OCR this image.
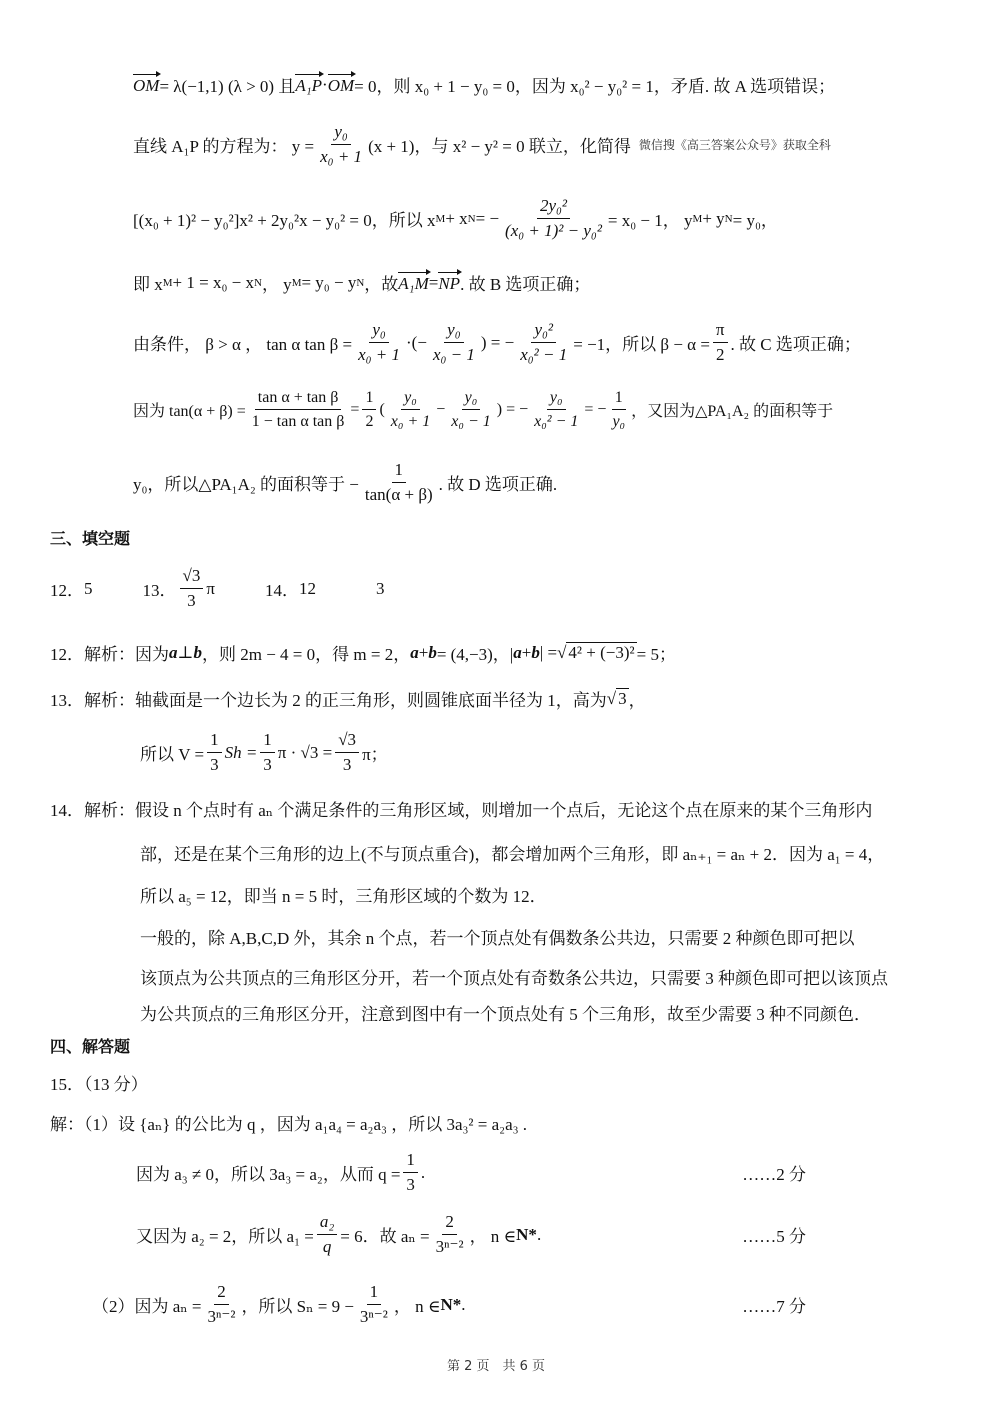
OM = λ(−1,1) (λ > 0) 且 A₁P · OM = 0，则 x₀ + 1 − y₀ = 0，因为 x₀² − y₀² = 1，矛盾. 故 A 选项错误；
直线 A₁P 的方程为： $y = \frac{\text{y₀}}{\text{x₀ + 1}} (x + 1)$，与 x² − y² = 0 联立，化简得 微信搜《高三答案公众号》获取全科
[(x₀ + 1)² − y₀²]x² + 2y₀²x − y₀² = 0，所以 x M + x N = − $\frac{\text{2y₀²}}{\text{(x₀ + 1)² − y₀²}} = x_0 - 1$， y M + y N = y₀，
即 x M + 1 = x₀ − x N ， y M = y₀ − y N ，故 A₁M = NP . 故 B 选项正确；
由条件， β > α ， tan α $\tan \beta = \frac{\text{y₀}}{\text{x₀ + 1}}$ ·(− $\frac{\text{y₀}}{\text{x₀ − 1}}$ ) = − $\frac{\text{y₀²}}{\text{x₀² − 1}} = -1$，所以 $\beta - \alpha = \frac{\pi}{2}$ . 故 C 选项正确；
因为 $\tan(\alpha + \beta) = \frac{\text{tan α + tan β}}{\text{1 − tan α tan β}} = \frac{1}{2}$ ( $\frac{\text{y₀}}{\text{x₀ + 1}} - \frac{\text{y₀}}{\text{x₀ − 1}}$ ) = − $\frac{\text{y₀}}{\text{x₀² − 1}}$ = − $\frac{1}{\text{y₀}}$ ，又因为△PA₁A₂ 的面积等于
y₀，所以△PA₁A₂ 的面积等于 − $\frac{1}{\tan(\alpha + \beta)}$ . 故 D 选项正确.
三、填空题
12． 5	13． $\frac{√3}{3}$ π	14． 12	3
12．解析： 因为 a ⊥ b ，则 2m − 4 = 0，得 m = 2， a + b = (4,−3)，| a + b | = √ 4² + (−3)² = 5；
13．解析： 轴截面是一个边长为 2 的正三角形，则圆锥底面半径为 1，高为 √ 3 ，
所以 $V = \frac{1}{3}$ $Sh = \frac{1}{3}$ $\pi \cdot √3 = \frac{√3}{3}$ π；
14．解析： 假设 n 个点时有 aₙ 个满足条件的三角形区域，则增加一个点后，无论这个点在原来的某个三角形内
部，还是在某个三角形的边上(不与顶点重合)，都会增加两个三角形，即 aₙ₊₁ = aₙ + 2．因为 a₁ = 4，
所以 a₅ = 12，即当 n = 5 时，三角形区域的个数为 12．
一般的，除 A,B,C,D 外，其余 n 个点，若一个顶点处有偶数条公共边，只需要 2 种颜色即可把以
该顶点为公共顶点的三角形区分开，若一个顶点处有奇数条公共边，只需要 3 种颜色即可把以该顶点
为公共顶点的三角形区分开，注意到图中有一个顶点处有 5 个三角形，故至少需要 3 种不同颜色．
四、解答题
15．（13 分）
解：（1）设 {aₙ} 的公比为 q ，因为 a₁a₄ = a₂a₃ ，所以 3a₃² = a₂a₃ .
因为 a₃ ≠ 0，所以 3a₃ = a₂，从而 $q = \frac{1}{3}$ .	……2 分
又因为 a₂ = 2，所以 $a_1 = \frac{\text{a₂}}{q} = 6$．故 $a_n = \frac{2}{\text{3ⁿ⁻²}}$ ， n ∈ N* .	……5 分
（2）因为 $a_n = \frac{2}{\text{3ⁿ⁻²}}$ ，所以 $S_n = 9 - \frac{1}{\text{3ⁿ⁻²}}$ ， n ∈ N* .	……7 分
第 2 页　共 6 页
